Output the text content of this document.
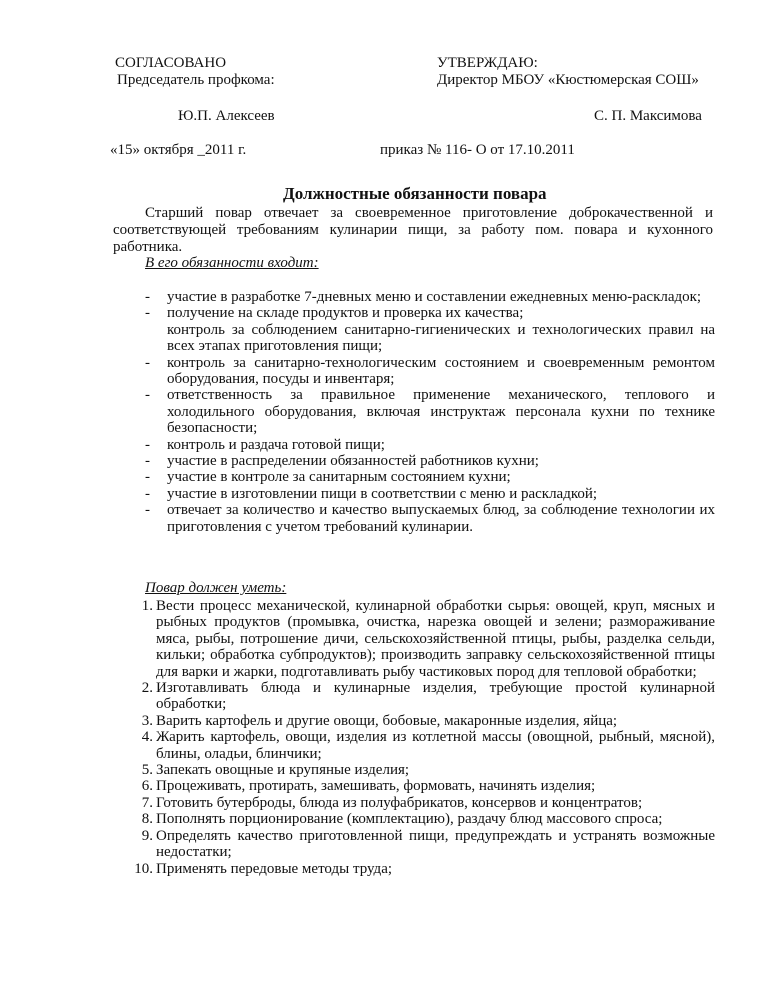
СОГЛАСОВАНО
Председатель профкома:
Ю.П. Алексеев
«15» октября _2011 г.
УТВЕРЖДАЮ:
Директор МБОУ «Кюстюмерская СОШ»
С. П. Максимова
приказ № 116- О от 17.10.2011
Должностные обязанности повара
Старший повар отвечает за своевременное приготовление доброкачественной и соответствующей требованиям кулинарии пищи, за работу пом. повара и кухонного работника.
В его обязанности входит:
- участие в разработке 7-дневных меню и составлении ежедневных меню-раскладок;
- получение на складе продуктов и проверка их качества;
контроль за соблюдением санитарно-гигиенических и технологических правил на всех этапах приготовления пищи;
- контроль за санитарно-технологическим состоянием и своевременным ремонтом оборудования, посуды и инвентаря;
- ответственность за правильное применение механического, теплового и холодильного оборудования, включая инструктаж персонала кухни по технике безопасности;
- контроль и раздача готовой пищи;
- участие в распределении обязанностей работников кухни;
- участие в контроле за санитарным состоянием кухни;
- участие в изготовлении пищи в соответствии с меню и раскладкой;
- отвечает за количество и качество выпускаемых блюд, за соблюдение технологии их приготовления с учетом требований кулинарии.
Повар должен уметь:
1. Вести процесс механической, кулинарной обработки сырья: овощей, круп, мясных и рыбных продуктов (промывка, очистка, нарезка овощей и зелени; размораживание мяса, рыбы, потрошение дичи, сельскохозяйственной птицы, рыбы, разделка сельди, кильки; обработка субпродуктов); производить заправку сельскохозяйственной птицы для варки и жарки, подготавливать рыбу частиковых пород для тепловой обработки;
2. Изготавливать блюда и кулинарные изделия, требующие простой кулинарной обработки;
3. Варить картофель и другие овощи, бобовые, макаронные изделия, яйца;
4. Жарить картофель, овощи, изделия из котлетной массы (овощной, рыбный, мясной), блины, оладьи, блинчики;
5. Запекать овощные и крупяные изделия;
6. Процеживать, протирать, замешивать, формовать, начинять изделия;
7. Готовить бутерброды, блюда из полуфабрикатов, консервов и концентратов;
8. Пополнять порционирование (комплектацию), раздачу блюд массового спроса;
9. Определять качество приготовленной пищи, предупреждать и устранять возможные недостатки;
10. Применять передовые методы труда;
